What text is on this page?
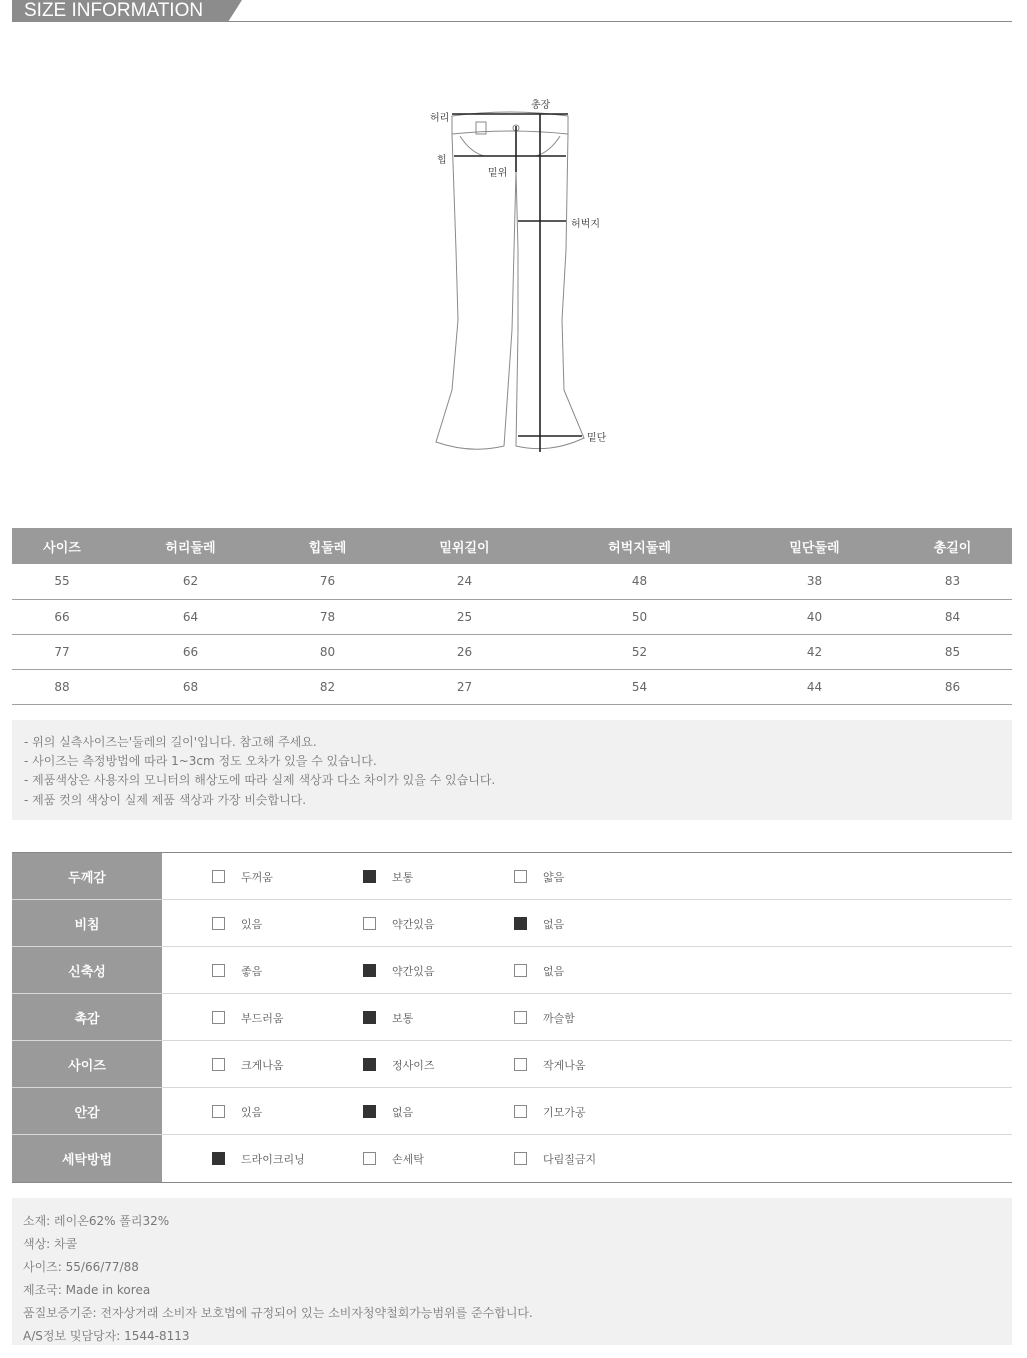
SIZE INFORMATION
허리
총장
힙
밑위
허벅지
밑단
사이즈	허리둘레	힙둘레	밑위길이	허벅지둘레	밑단둘레	총길이
55	62	76	24	48	38	83
66	64	78	25	50	40	84
77	66	80	26	52	42	85
88	68	82	27	54	44	86

- 위의 실측사이즈는'둘레의 길이'입니다. 참고해 주세요.

- 사이즈는 측정방법에 따라 1~3cm 정도 오차가 있을 수 있습니다.

- 제품색상은 사용자의 모니터의 해상도에 따라 실제 색상과 다소 차이가 있을 수 있습니다.

- 제품 컷의 색상이 실제 제품 색상과 가장 비슷합니다.

두께감	두꺼움	보통	얇음
비침	있음	약간있음	없음
신축성	좋음	약간있음	없음
촉감	부드러움	보통	까슬함
사이즈	크게나옴	정사이즈	작게나옴
안감	있음	없음	기모가공
세탁방법	드라이크리닝	손세탁	다림질금지

소재: 레이온62% 폴리32%

색상: 차콜

사이즈: 55/66/77/88

제조국: Made in korea

품질보증기준: 전자상거래 소비자 보호법에 규정되어 있는 소비자청약철회가능범위를 준수합니다.

A/S정보 및담당자: 1544-8113
